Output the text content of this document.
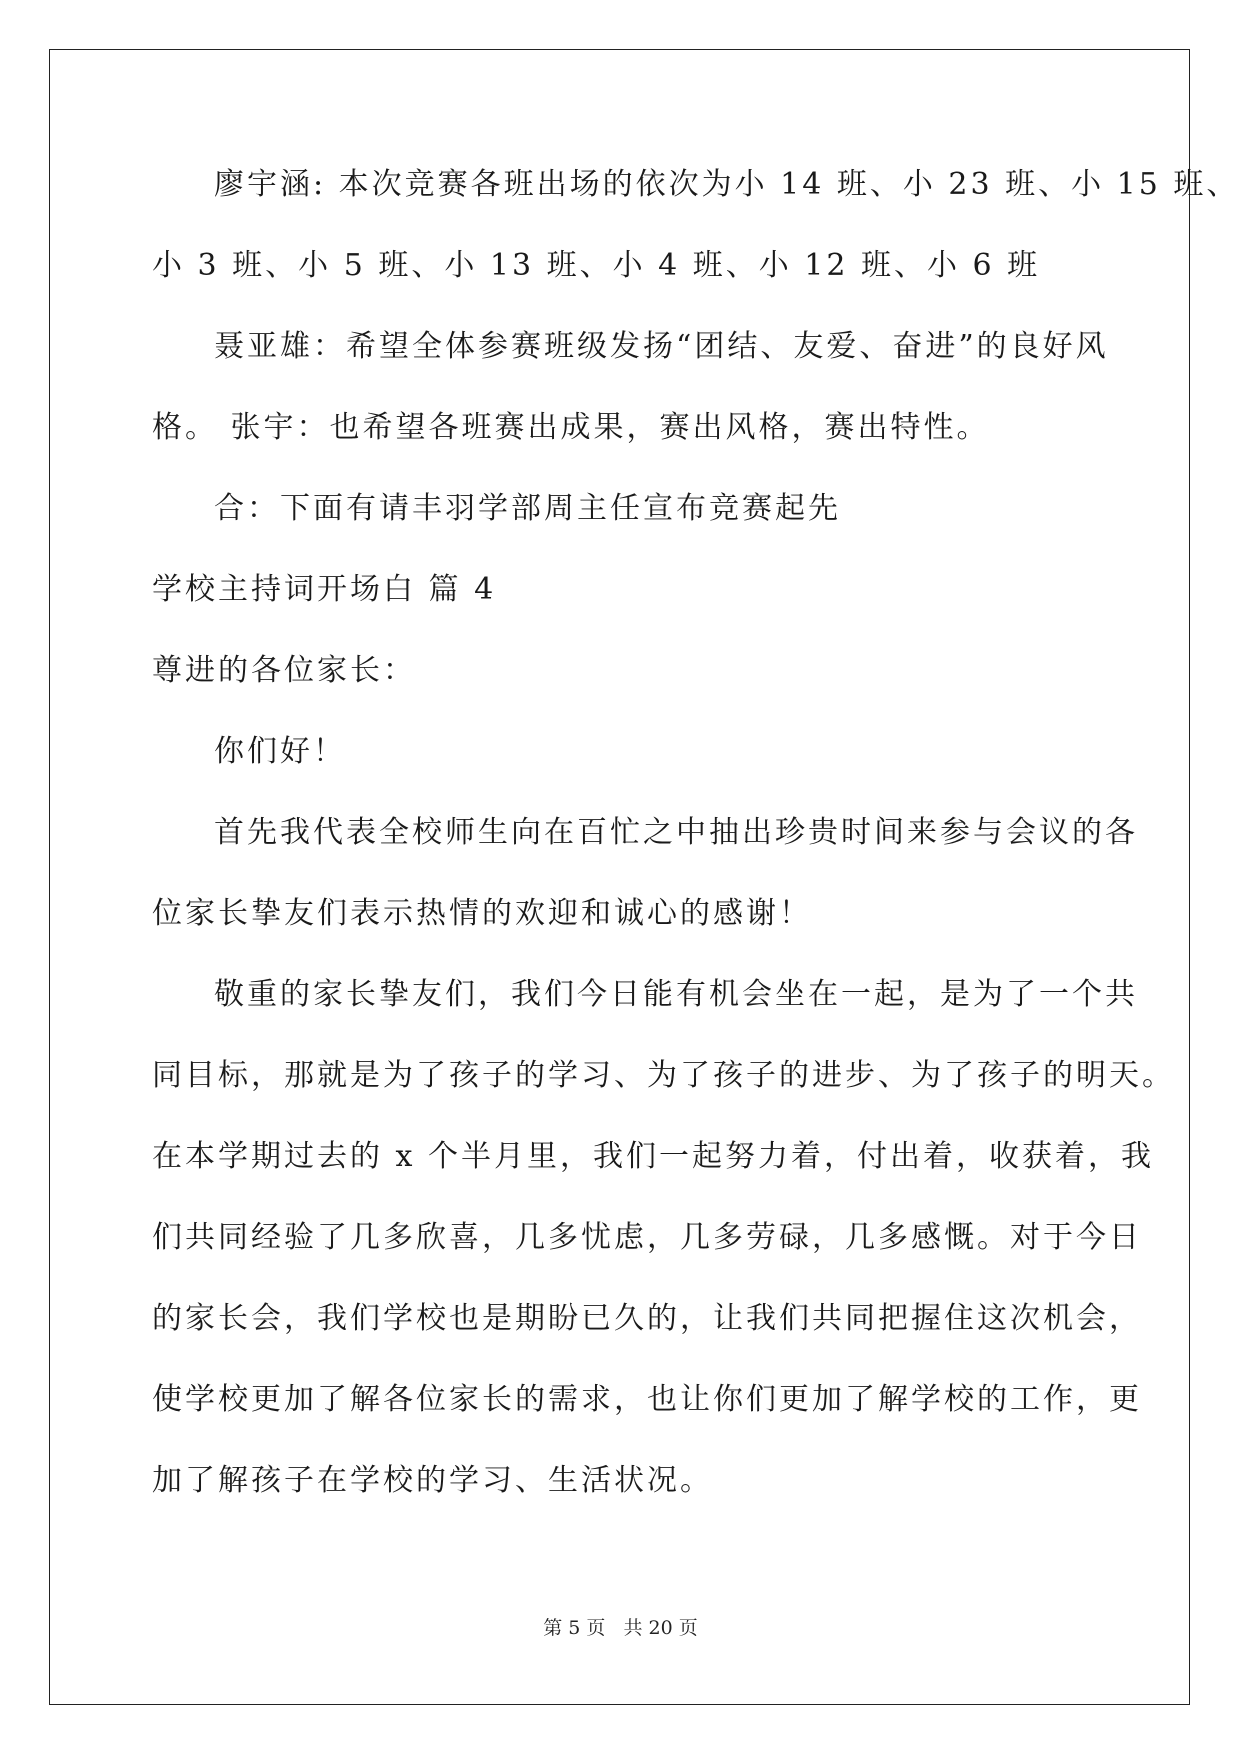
廖宇涵: 本次竞赛各班出场的依次为小 14 班、小 23 班、小 15 班、
小 3 班、小 5 班、小 13 班、小 4 班、小 12 班、小 6 班
聂亚雄：希望全体参赛班级发扬“团结、友爱、奋进”的良好风
格。 张宇：也希望各班赛出成果，赛出风格，赛出特性。
合：下面有请丰羽学部周主任宣布竞赛起先
学校主持词开场白 篇 4
尊进的各位家长：
你们好！
首先我代表全校师生向在百忙之中抽出珍贵时间来参与会议的各
位家长挚友们表示热情的欢迎和诚心的感谢！
敬重的家长挚友们，我们今日能有机会坐在一起，是为了一个共
同目标，那就是为了孩子的学习、为了孩子的进步、为了孩子的明天。
在本学期过去的 x 个半月里，我们一起努力着，付出着，收获着，我
们共同经验了几多欣喜，几多忧虑，几多劳碌，几多感慨。对于今日
的家长会，我们学校也是期盼已久的，让我们共同把握住这次机会，
使学校更加了解各位家长的需求，也让你们更加了解学校的工作，更
加了解孩子在学校的学习、生活状况。
第 5 页 共 20 页
